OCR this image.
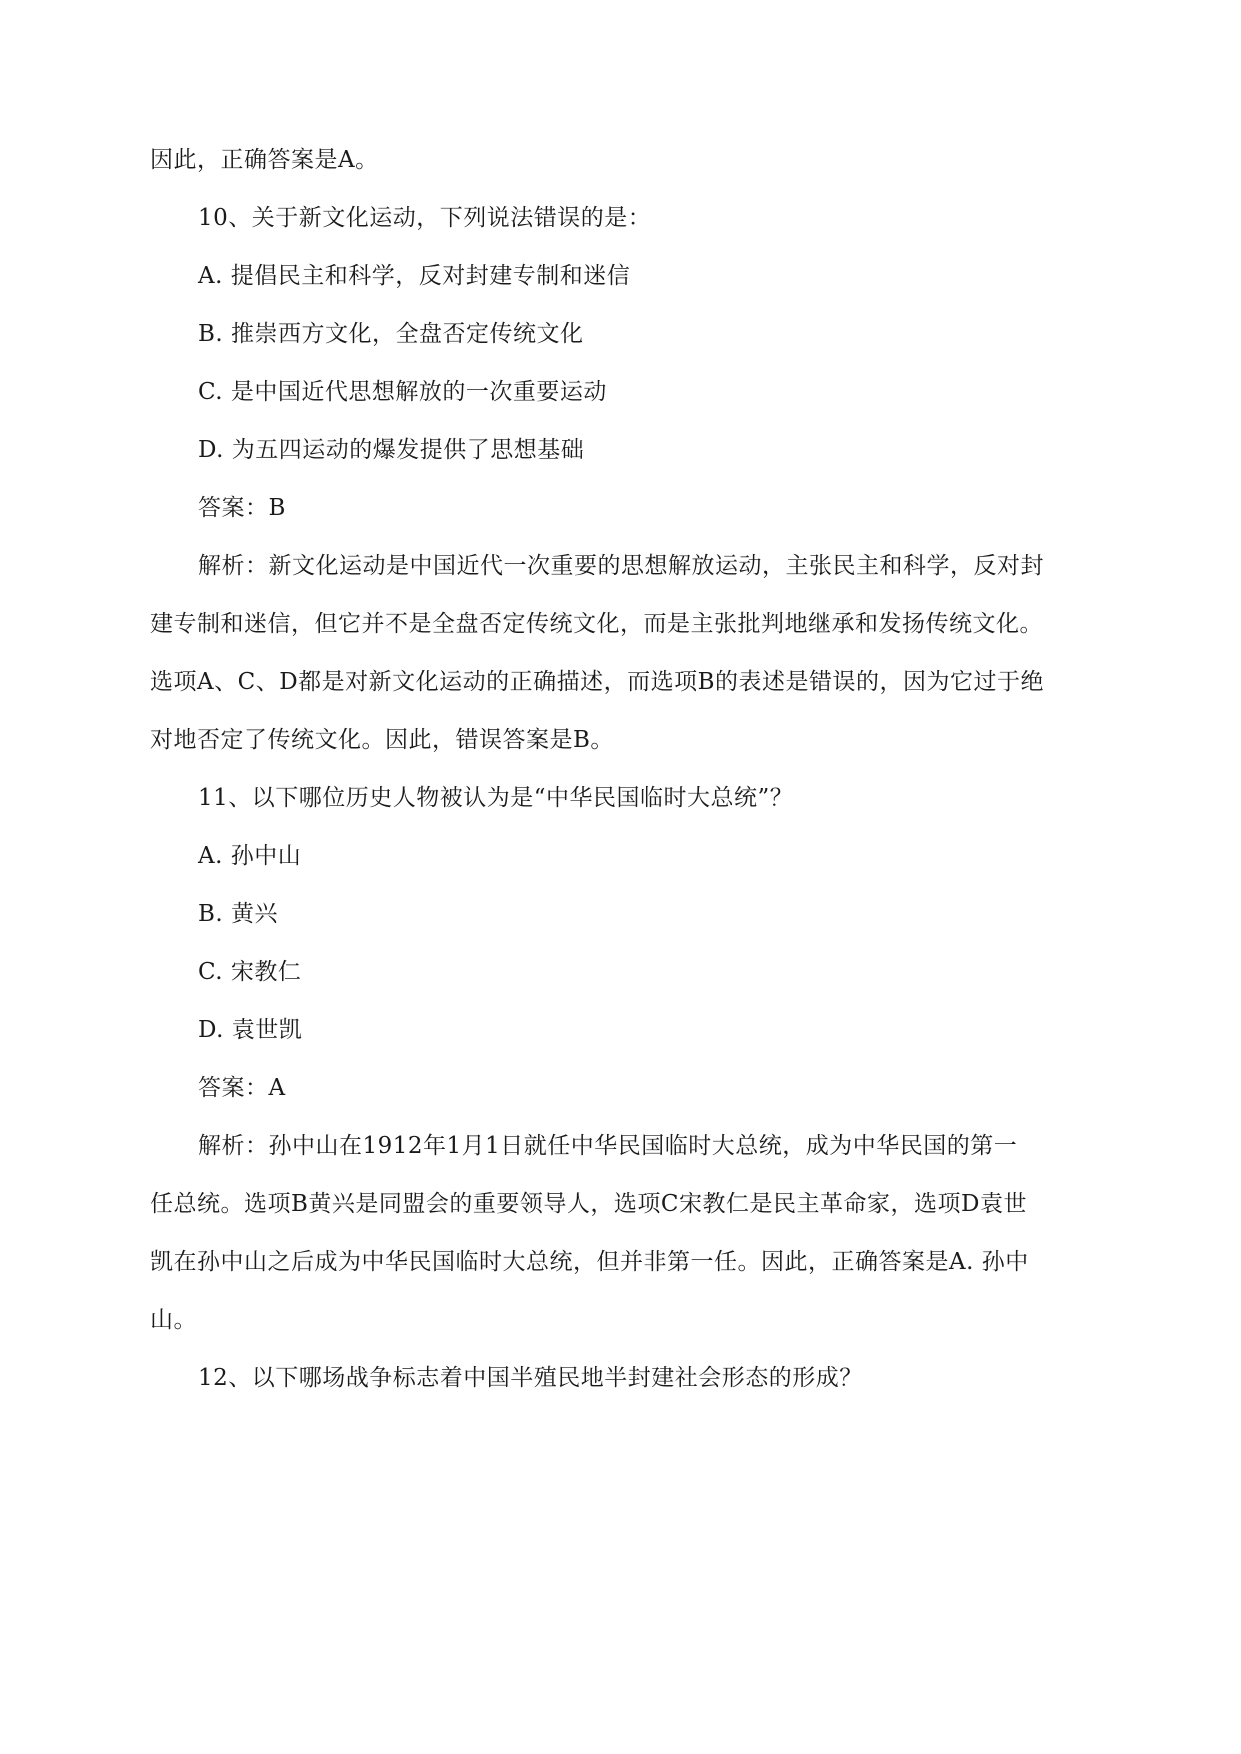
因此，正确答案是A。
10、关于新文化运动，下列说法错误的是：
A. 提倡民主和科学，反对封建专制和迷信
B. 推崇西方文化，全盘否定传统文化
C. 是中国近代思想解放的一次重要运动
D. 为五四运动的爆发提供了思想基础
答案：B
解析：新文化运动是中国近代一次重要的思想解放运动，主张民主和科学，反对封
建专制和迷信，但它并不是全盘否定传统文化，而是主张批判地继承和发扬传统文化。
选项A、C、D都是对新文化运动的正确描述，而选项B的表述是错误的，因为它过于绝
对地否定了传统文化。因此，错误答案是B。
11、以下哪位历史人物被认为是“中华民国临时大总统”？
A. 孙中山
B. 黄兴
C. 宋教仁
D. 袁世凯
答案：A
解析：孙中山在1912年1月1日就任中华民国临时大总统，成为中华民国的第一
任总统。选项B黄兴是同盟会的重要领导人，选项C宋教仁是民主革命家，选项D袁世
凯在孙中山之后成为中华民国临时大总统，但并非第一任。因此，正确答案是A. 孙中
山。
12、以下哪场战争标志着中国半殖民地半封建社会形态的形成？
